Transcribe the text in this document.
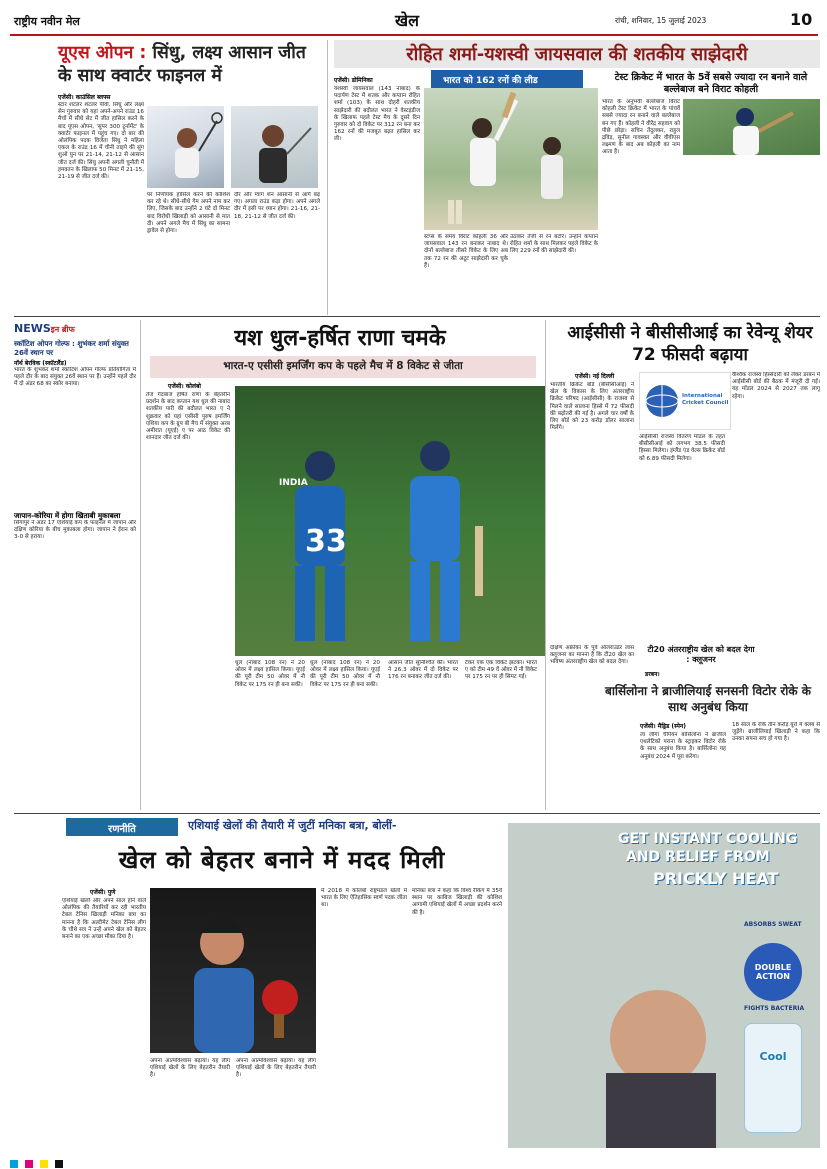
राष्ट्रीय नवीन मेल	खेल	रांची, शनिवार, 15 जुलाई 2023	10
यूएस ओपन : सिंधु, लक्ष्य आसान जीत के साथ क्वार्टर फाइनल में
एजेंसी। काउंसिल ब्लफ्स
स्टार शटलर शटलर पीवी. सिंधु और लक्ष्य सेन गुरुवार को यहां अपने-अपने राउंड 16 मैचों में सीधे सेट में जीत हासिल करने के बाद यूएस ओपन, 'सुपर 300 टूर्नामेंट' के क्वार्टर फाइनल में पहुंच गए। दो बार की ओलंपिक पदक विजेता सिंधु ने महिला एकल के राउंड 16 में चीनी ताइपे की सुंग शुओ युन पर 21-14, 21-12 से आसान जीत दर्ज की। सिंधु अपनी अगली चुनौती में हमवतन के खिलाफ 50 मिनट में 21-15, 21-19 से जीत दर्ज की।
पर निर्णायक हासिल करने की कोशिश कर रहे थे। सीधे-सीधे गेम अपने नाम कर लिए, जिसके बाद उन्होंने 2 घंटे दो मिनट बाद विरोधी खिलाड़ी को आसानी से मात दी। अपने अगले मैच में सिंधु का सामना ड्रावेल से होगा।
दौर और ग्वांग शेन आसानी से आगे बढ़ गए। अगला राउंड कड़ा होगा। अपने अगले दौर में इसी पर ध्यान होगा। 21-16, 21-18, 21-12 से जीत दर्ज की।
रोहित शर्मा-यशस्वी जायसवाल की शतकीय साझेदारी
भारत को 162 रनों की लीड	टेस्ट क्रिकेट में भारत के 5वें सबसे ज्यादा रन बनाने वाले बल्लेबाज बने विराट कोहली
एजेंसी। डोमिनिका
यशस्वी जायसवाल (143 नाबाद) के पदार्पण टेस्ट में शतक और कप्तान रोहित शर्मा (103) के साथ दोहरी शतकीय साझेदारी की बदौलत भारत ने वेस्टइंडीज के खिलाफ पहले टेस्ट मैच के दूसरे दिन गुरुवार को दो विकेट पर 312 रन बना कर 162 रनों की मजबूत बढ़त हासिल कर ली।
उठाकर तेजी से रन बटोरे। उन्होंने कप्तान रोहित शर्मा के साथ मिलकर पहले विकेट के लिए 229 रनों की साझेदारी की।
स्टंप्स के समय विराट कोहली 36 और जायसवाल 143 रन बनाकर नाबाद थे। दोनों बल्लेबाज तीसरे विकेट के लिए अब तक 72 रन की अटूट साझेदारी कर चुके हैं।
भारत के अनुभवी बल्लेबाज विराट कोहली टेस्ट क्रिकेट में भारत के पांचवें सबसे ज्यादा रन बनाने वाले बल्लेबाज बन गए हैं। कोहली ने वीरेंद्र सहवाग को पीछे छोड़ा। सचिन तेंदुलकर, राहुल द्रविड़, सुनील गावस्कर और वीवीएस लक्ष्मण के बाद अब कोहली का नाम आता है।
NEWSइन ब्रीफ
स्कॉटिश ओपन गोल्फ : शुभंकर शर्मा संयुक्त 26वें स्थान पर
नॉर्थ बेरविक (स्कॉटलैंड)
भारत के शुभंकर शर्मा स्कॉटिश ओपन गोल्फ प्रतियोगिता में पहले दौर के बाद संयुक्त 26वें स्थान पर हैं। उन्होंने पहले दौर में दो अंडर 68 का स्कोर बनाया।
जापान-कोरिया में होगा खिताबी मुकाबला
सिंगापुर ने अंडर 17 एशियाई कप के फाइनल में जापान और दक्षिण कोरिया के बीच मुकाबला होगा। जापान ने ईरान को 3-0 से हराया।
यश धुल-हर्षित राणा चमके
भारत-ए एसीसी इमर्जिंग कप के पहले मैच में 8 विकेट से जीता
एजेंसी। कोलंबो
तेज गेंदबाज हर्षित राणा के बेहतरीन प्रदर्शन के बाद कप्तान यश धुल की नाबाद शतकीय पारी की बदौलत भारत ए ने शुक्रवार को यहां एसीसी पुरुष इमर्जिंग एशिया कप के ग्रुप बी मैच में संयुक्त अरब अमीरात (यूएई) ए पर आठ विकेट की शानदार जीत दर्ज की।
33
INDIA
धुल (नाबाद 108 रन) ने 20 ओवर में लक्ष्य हासिल किया। यूएई की पूरी टीम 50 ओवर में नौ विकेट पर 175 रन ही बना सकी।
धुल (नाबाद 108 रन) ने 20 ओवर में लक्ष्य हासिल किया। यूएई की पूरी टीम 50 ओवर में नौ विकेट पर 175 रन ही बना सकी।
आसान जीत सुनिश्चित की। भारत ने 26.3 ओवर में दो विकेट पर 176 रन बनाकर जीत दर्ज की।
टेकर एक एक विकेट झटका। भारत ए को टीम 49 वें ओवर में नौ विकेट पर 175 रन पर ही सिमट गई।
आईसीसी ने बीसीसीआई का रेवेन्यू शेयर 72 फीसदी बढ़ाया
एजेंसी। नई दिल्ली
भारतीय क्रिकेट बोर्ड (बीसीसीआई) ने खेल के विकास के लिए अंतरराष्ट्रीय क्रिकेट परिषद (आईसीसी) के राजस्व से मिलने वाले सालाना हिस्से में 72 फीसदी की बढ़ोतरी की गई है। अगले चार वर्षों के लिए बोर्ड को 23 करोड़ डॉलर सालाना मिलेंगे।
International Cricket Council
आईसीसी राजस्व वितरण मॉडल के तहत बीसीसीआई को लगभग 38.5 फीसदी हिस्सा मिलेगा। इंग्लैंड एंड वेल्स क्रिकेट बोर्ड को 6.89 फीसदी मिलेगा।
वैश्विक राजस्व हिस्सेदारी को लेकर डरबन में आईसीसी बोर्ड की बैठक में मंजूरी दी गई। यह मॉडल 2024 से 2027 तक लागू रहेगा।
टी20 अंतरराष्ट्रीय खेल को बदल देगा : क्लूजनर
डरबन।
दक्षिण अफ्रीका के पूर्व ऑलराउंडर लांस क्लूजनर का मानना है कि टी20 खेल का भविष्य अंतरराष्ट्रीय खेल को बदल देगा।
बार्सिलोना ने ब्राजीलियाई सनसनी विटोर रोके के साथ अनुबंध किया
एजेंसी। मैड्रिड (स्पेन)
ला लीगा चैंपियन बार्सिलोना ने ब्राजील एथलेटिको पराना के स्ट्राइकर विटोर रोके के साथ अनुबंध किया है। बार्सिलोना यह अनुबंध 2024 में पूरा करेगा।
18 साल के रोके तीन करोड़ यूरो में क्लब से जुड़ेंगे। ब्राजीलियाई खिलाड़ी ने कहा कि उनका सपना सच हो गया है।
रणनीति	एशियाई खेलों की तैयारी में जुटीं मनिका बत्रा, बोलीं-
खेल को बेहतर बनाने में मदद मिली
एजेंसी। पुणे
एशियाई खेलों और अपने साल होने वाले ओलंपिक की तैयारियों कर रही भारतीय टेबल टेनिस खिलाड़ी मनिका बत्रा का मानना है कि अल्टीमेट टेबल टेनिस लीग के चौथे सत्र ने उन्हें अपने खेल को बेहतर बनाने का एक अच्छा मौका दिया है।
अपना आत्मविश्वास बढ़ाया। यह लीग एशियाई खेलों के लिए बेहतरीन तैयारी है।
अपना आत्मविश्वास बढ़ाया। यह लीग एशियाई खेलों के लिए बेहतरीन तैयारी है।
में 2018 में कोलंबो राष्ट्रमंडल खेलों में भारत के लिए ऐतिहासिक स्वर्ण पदक जीता था।
मनिका बत्रा ने कहा कि विश्व रैंकिंग में 35वें स्थान पर काबिज खिलाड़ी की कोशिश आगामी एशियाई खेलों में अच्छा प्रदर्शन करने की है।
GET INSTANT COOLING
AND RELIEF FROM
PRICKLY HEAT
DOUBLE ACTION
ABSORBS SWEAT
FIGHTS BACTERIA
Cool
